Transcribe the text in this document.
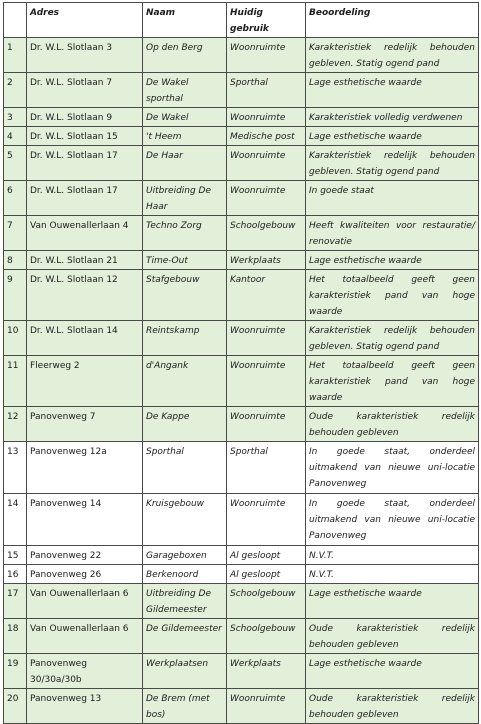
	Adres	Naam	Huidig gebruik	Beoordeling
1	Dr. W.L. Slotlaan 3	Op den Berg	Woonruimte	Karakteristiek redelijk behouden gebleven. Statig ogend pand
2	Dr. W.L. Slotlaan 7	De Wakel sporthal	Sporthal	Lage esthetische waarde
3	Dr. W.L. Slotlaan 9	De Wakel	Woonruimte	Karakteristiek volledig verdwenen
4	Dr. W.L. Slotlaan 15	't Heem	Medische post	Lage esthetische waarde
5	Dr. W.L. Slotlaan 17	De Haar	Woonruimte	Karakteristiek redelijk behouden gebleven. Statig ogend pand
6	Dr. W.L. Slotlaan 17	Uitbreiding De Haar	Woonruimte	In goede staat
7	Van Ouwenallerlaan 4	Techno Zorg	Schoolgebouw	Heeft kwaliteiten voor restauratie/ renovatie
8	Dr. W.L. Slotlaan 21	Time-Out	Werkplaats	Lage esthetische waarde
9	Dr. W.L. Slotlaan 12	Stafgebouw	Kantoor	Het totaalbeeld geeft geen karakteristiek pand van hoge waarde
10	Dr. W.L. Slotlaan 14	Reintskamp	Woonruimte	Karakteristiek redelijk behouden gebleven. Statig ogend pand
11	Fleerweg 2	d'Angank	Woonruimte	Het totaalbeeld geeft geen karakteristiek pand van hoge waarde
12	Panovenweg 7	De Kappe	Woonruimte	Oude karakteristiek redelijk behouden gebleven
13	Panovenweg 12a	Sporthal	Sporthal	In goede staat, onderdeel uitmakend van nieuwe uni-locatie Panovenweg
14	Panovenweg 14	Kruisgebouw	Woonruimte	In goede staat, onderdeel uitmakend van nieuwe uni-locatie Panovenweg
15	Panovenweg 22	Garageboxen	Al gesloopt	N.V.T.
16	Panovenweg 26	Berkenoord	Al gesloopt	N.V.T.
17	Van Ouwenallerlaan 6	Uitbreiding De Gildemeester	Schoolgebouw	Lage esthetische waarde
18	Van Ouwenallerlaan 6	De Gildemeester	Schoolgebouw	Oude karakteristiek redelijk behouden gebleven
19	Panovenweg 30/30a/30b	Werkplaatsen	Werkplaats	Lage esthetische waarde
20	Panovenweg 13	De Brem (met bos)	Woonruimte	Oude karakteristiek redelijk behouden gebleven
